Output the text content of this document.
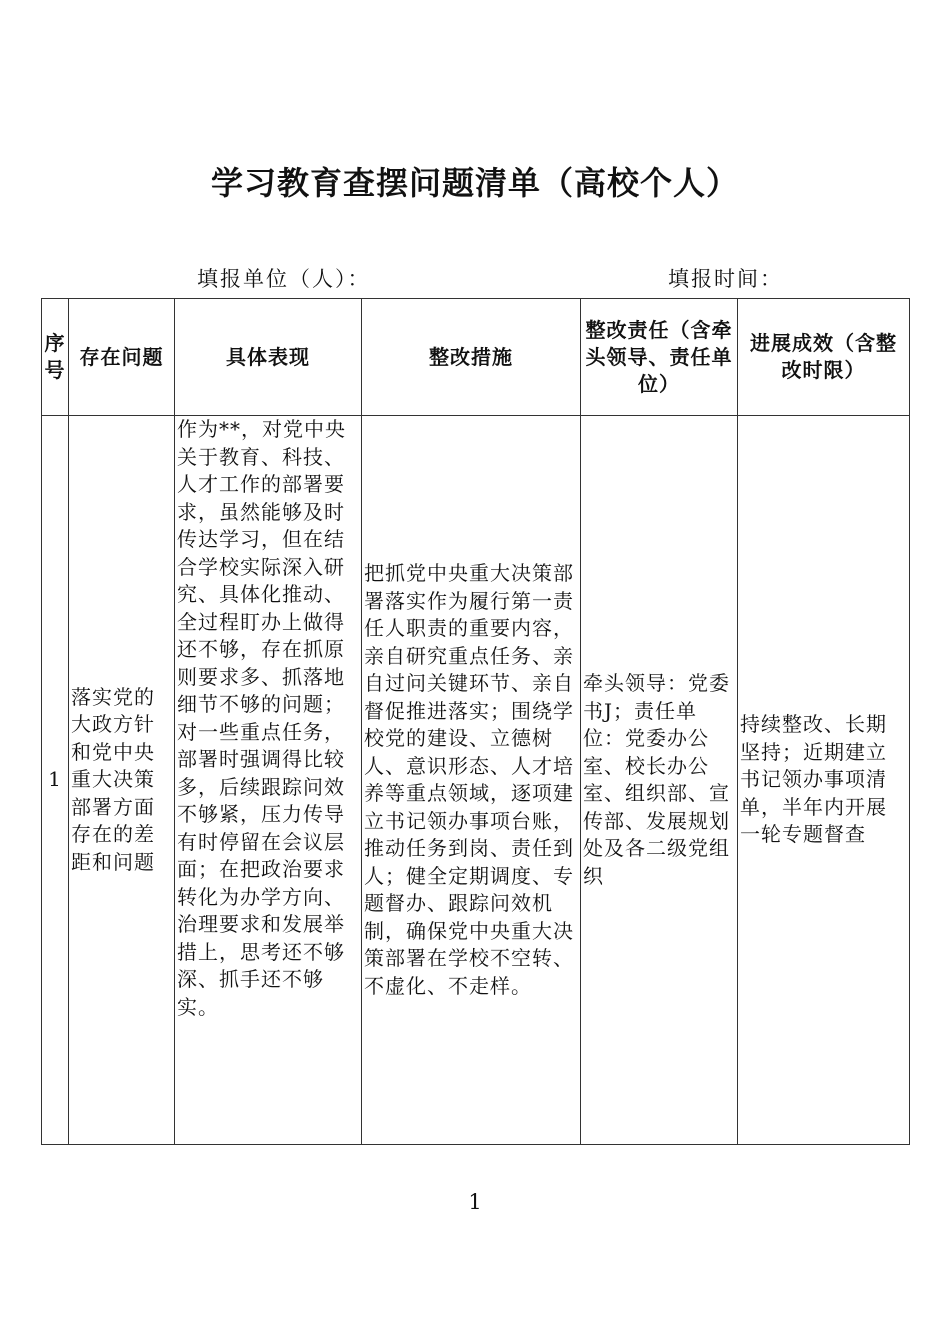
学习教育查摆问题清单（高校个人）
填报单位（人）：	填报时间：
序号	存在问题	具体表现	整改措施	整改责任（含牵头领导、责任单位）	进展成效（含整改时限）
1	落实党的大政方针和党中央重大决策部署方面存在的差距和问题	作为**，对党中央关于教育、科技、人才工作的部署要求，虽然能够及时传达学习，但在结合学校实际深入研究、具体化推动、全过程盯办上做得还不够，存在抓原则要求多、抓落地细节不够的问题；对一些重点任务，部署时强调得比较多，后续跟踪问效不够紧，压力传导有时停留在会议层面；在把政治要求转化为办学方向、治理要求和发展举措上，思考还不够深、抓手还不够实。	把抓党中央重大决策部署落实作为履行第一责任人职责的重要内容，亲自研究重点任务、亲自过问关键环节、亲自督促推进落实；围绕学校党的建设、立德树人、意识形态、人才培养等重点领域，逐项建立书记领办事项台账，推动任务到岗、责任到人；健全定期调度、专题督办、跟踪问效机制，确保党中央重大决策部署在学校不空转、不虚化、不走样。	牵头领导：党委书J；责任单位：党委办公室、校长办公室、组织部、宣传部、发展规划处及各二级党组织	持续整改、长期坚持；近期建立书记领办事项清单，半年内开展一轮专题督查
1
